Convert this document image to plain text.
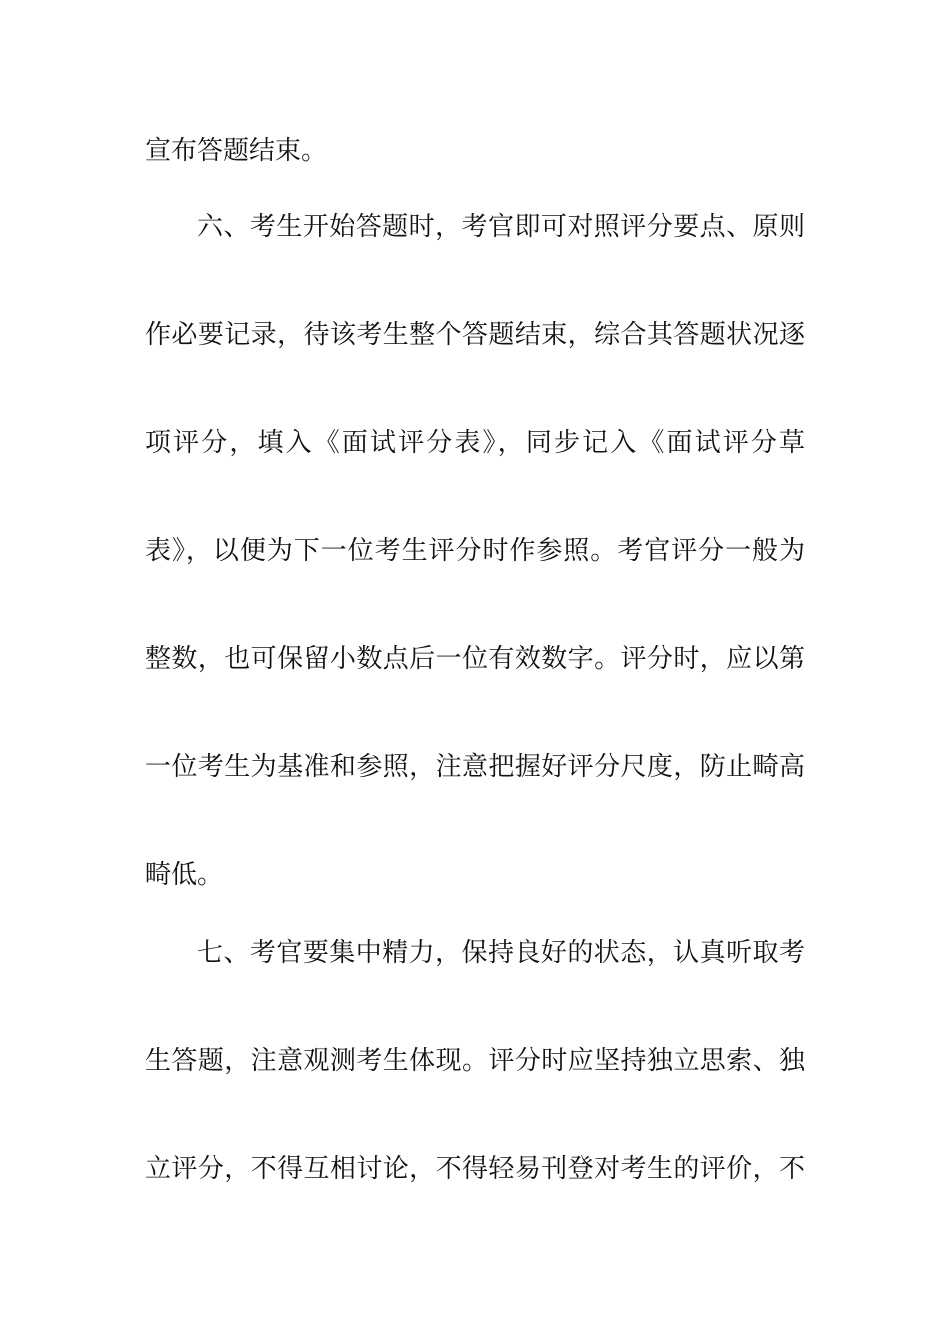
宣布答题结束。
六、考生开始答题时，考官即可对照评分要点、原则
作必要记录，待该考生整个答题结束，综合其答题状况逐
项评分，填入《面试评分表》，同步记入《面试评分草
表》，以便为下一位考生评分时作参照。考官评分一般为
整数，也可保留小数点后一位有效数字。评分时，应以第
一位考生为基准和参照，注意把握好评分尺度，防止畸高
畸低。
七、考官要集中精力，保持良好的状态，认真听取考
生答题，注意观测考生体现。评分时应坚持独立思索、独
立评分，不得互相讨论，不得轻易刊登对考生的评价，不
